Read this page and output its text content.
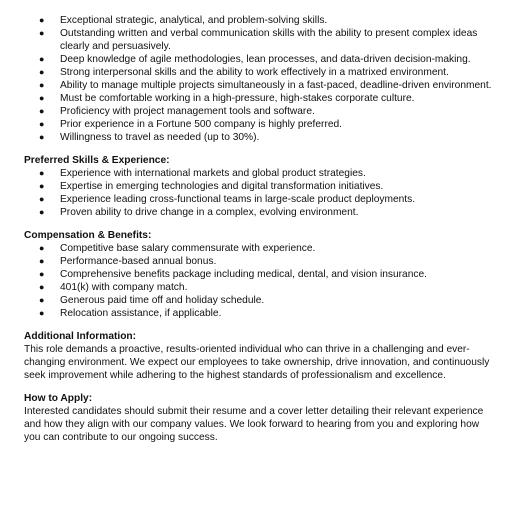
● Exceptional strategic, analytical, and problem-solving skills.
● Outstanding written and verbal communication skills with the ability to present complex ideas clearly and persuasively.
● Deep knowledge of agile methodologies, lean processes, and data-driven decision-making.
● Strong interpersonal skills and the ability to work effectively in a matrixed environment.
● Ability to manage multiple projects simultaneously in a fast-paced, deadline-driven environment.
● Must be comfortable working in a high-pressure, high-stakes corporate culture.
● Proficiency with project management tools and software.
● Prior experience in a Fortune 500 company is highly preferred.
● Willingness to travel as needed (up to 30%).

Preferred Skills & Experience:

● Experience with international markets and global product strategies.
● Expertise in emerging technologies and digital transformation initiatives.
● Experience leading cross-functional teams in large-scale product deployments.
● Proven ability to drive change in a complex, evolving environment.

Compensation & Benefits:

● Competitive base salary commensurate with experience.
● Performance-based annual bonus.
● Comprehensive benefits package including medical, dental, and vision insurance.
● 401(k) with company match.
● Generous paid time off and holiday schedule.
● Relocation assistance, if applicable.

Additional Information:

This role demands a proactive, results-oriented individual who can thrive in a challenging and ever-changing environment. We expect our employees to take ownership, drive innovation, and continuously seek improvement while adhering to the highest standards of professionalism and excellence.

How to Apply:

Interested candidates should submit their resume and a cover letter detailing their relevant experience and how they align with our company values. We look forward to hearing from you and exploring how you can contribute to our ongoing success.
